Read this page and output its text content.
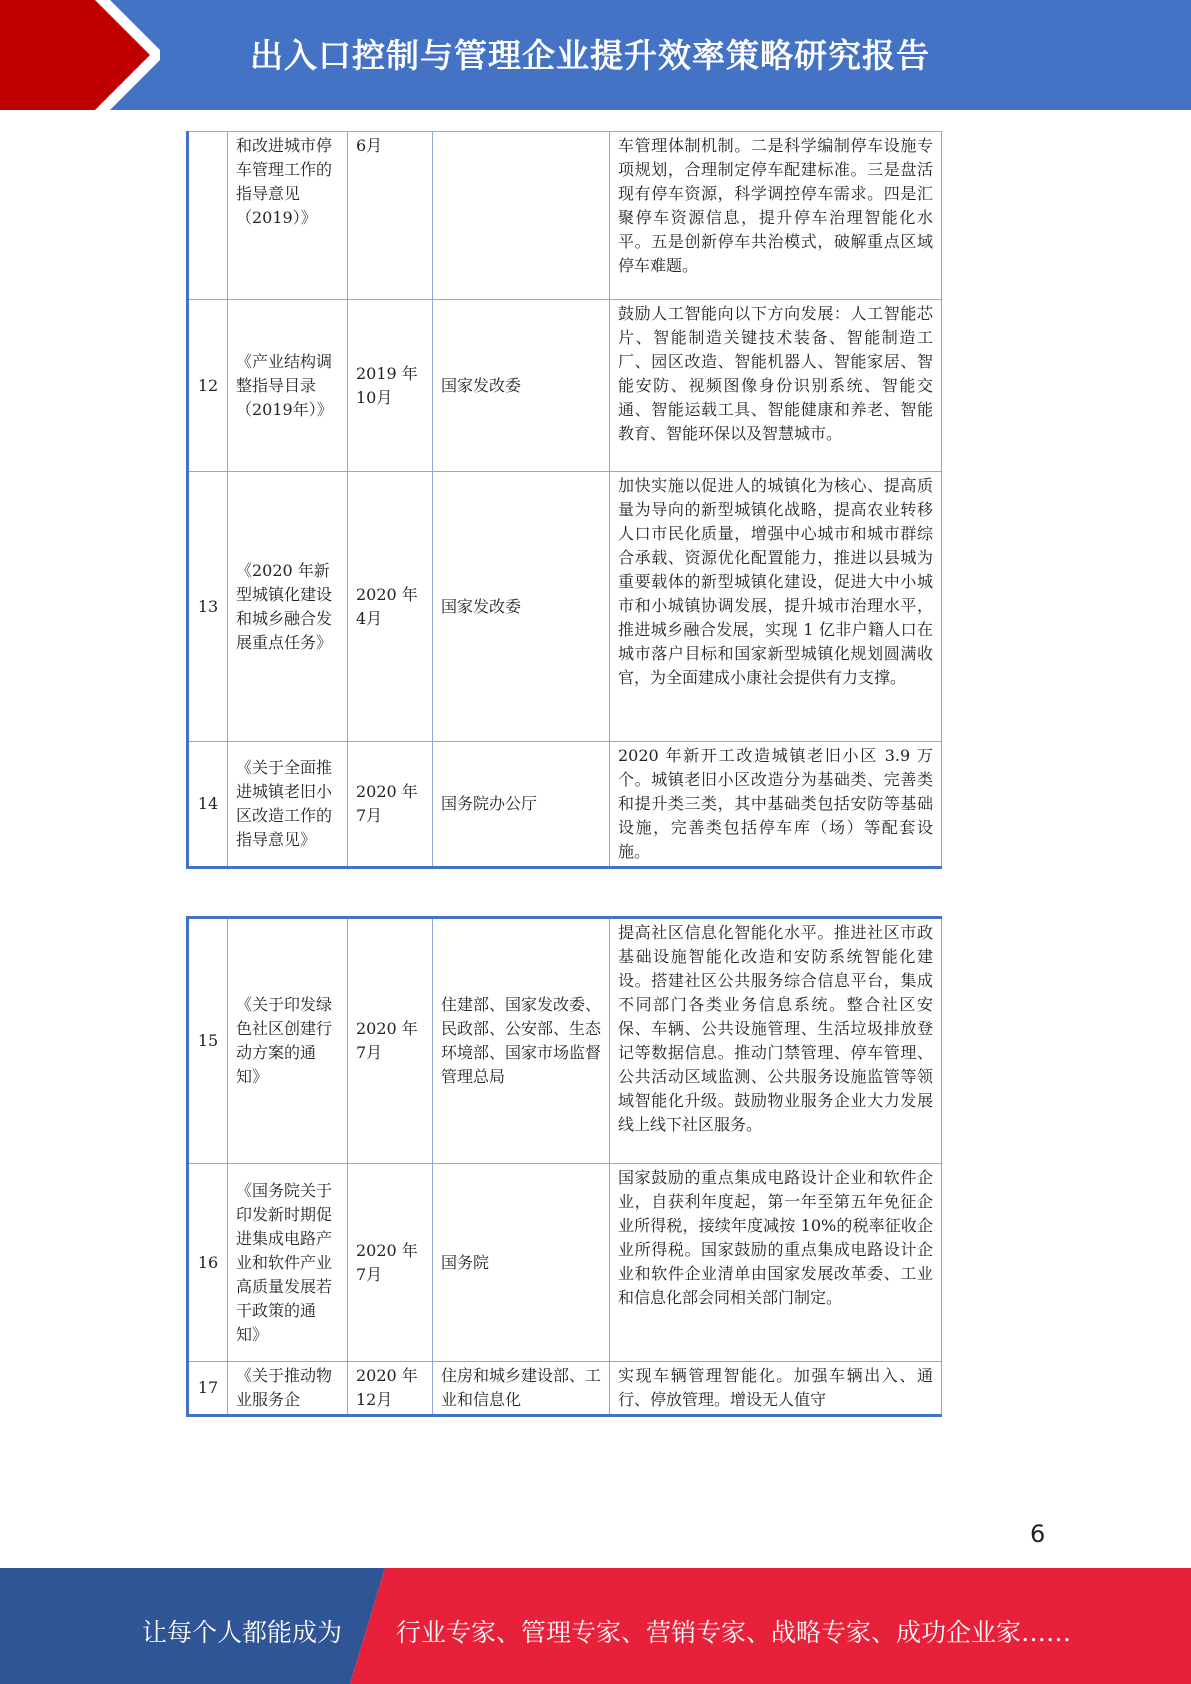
出入口控制与管理企业提升效率策略研究报告
	和改进城市停车管理工作的指导意见（2019）》	6月		车管理体制机制。二是科学编制停车设施专项规划，合理制定停车配建标准。三是盘活现有停车资源，科学调控停车需求。四是汇聚停车资源信息，提升停车治理智能化水平。五是创新停车共治模式，破解重点区域停车难题。
12	《产业结构调整指导目录（2019年）》	2019 年10月	国家发改委	鼓励人工智能向以下方向发展：人工智能芯片、智能制造关键技术装备、智能制造工厂、园区改造、智能机器人、智能家居、智能安防、视频图像身份识别系统、智能交通、智能运载工具、智能健康和养老、智能教育、智能环保以及智慧城市。
13	《2020 年新型城镇化建设和城乡融合发展重点任务》	2020 年4月	国家发改委	加快实施以促进人的城镇化为核心、提高质量为导向的新型城镇化战略，提高农业转移人口市民化质量，增强中心城市和城市群综合承载、资源优化配置能力，推进以县城为重要载体的新型城镇化建设，促进大中小城市和小城镇协调发展，提升城市治理水平，推进城乡融合发展，实现 1 亿非户籍人口在城市落户目标和国家新型城镇化规划圆满收官，为全面建成小康社会提供有力支撑。
14	《关于全面推进城镇老旧小区改造工作的指导意见》	2020 年7月	国务院办公厅	2020 年新开工改造城镇老旧小区 3.9 万个。城镇老旧小区改造分为基础类、完善类和提升类三类，其中基础类包括安防等基础设施，完善类包括停车库（场）等配套设施。
15	《关于印发绿色社区创建行动方案的通知》	2020 年7月	住建部、国家发改委、民政部、公安部、生态环境部、国家市场监督管理总局	提高社区信息化智能化水平。推进社区市政基础设施智能化改造和安防系统智能化建设。搭建社区公共服务综合信息平台，集成不同部门各类业务信息系统。整合社区安保、车辆、公共设施管理、生活垃圾排放登记等数据信息。推动门禁管理、停车管理、公共活动区域监测、公共服务设施监管等领域智能化升级。鼓励物业服务企业大力发展线上线下社区服务。
16	《国务院关于印发新时期促进集成电路产业和软件产业高质量发展若干政策的通知》	2020 年7月	国务院	国家鼓励的重点集成电路设计企业和软件企业，自获利年度起，第一年至第五年免征企业所得税，接续年度减按 10%的税率征收企业所得税。国家鼓励的重点集成电路设计企业和软件企业清单由国家发展改革委、工业和信息化部会同相关部门制定。
17	《关于推动物业服务企	2020 年12月	住房和城乡建设部、工业和信息化	实现车辆管理智能化。加强车辆出入、通行、停放管理。增设无人值守
6
让每个人都能成为 行业专家、管理专家、营销专家、战略专家、成功企业家……
